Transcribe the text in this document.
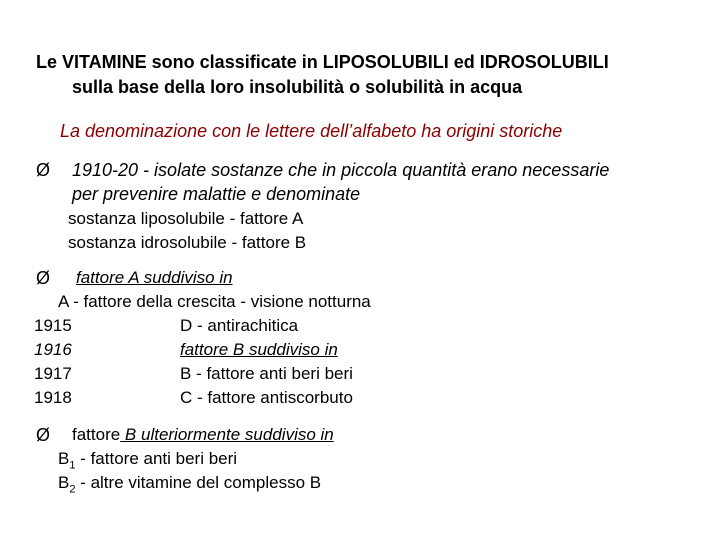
Le VITAMINE sono classificate in LIPOSOLUBILI ed IDROSOLUBILI
sulla base della loro insolubilità o solubilità in acqua
La denominazione con le lettere dell’alfabeto ha origini storiche
Ø 1910-20 - isolate sostanze che in piccola quantità erano necessarie
per prevenire malattie e denominate
sostanza liposolubile - fattore A
sostanza idrosolubile - fattore B
Ø fattore A suddiviso in
A - fattore della crescita - visione notturna
1915	D - antirachitica
1916	fattore B suddiviso in
1917	B - fattore anti beri beri
1918	C - fattore antiscorbuto
Ø fattore B ulteriormente suddiviso in
$B_1$ - fattore anti beri beri
$B_2$ - altre vitamine del complesso B
